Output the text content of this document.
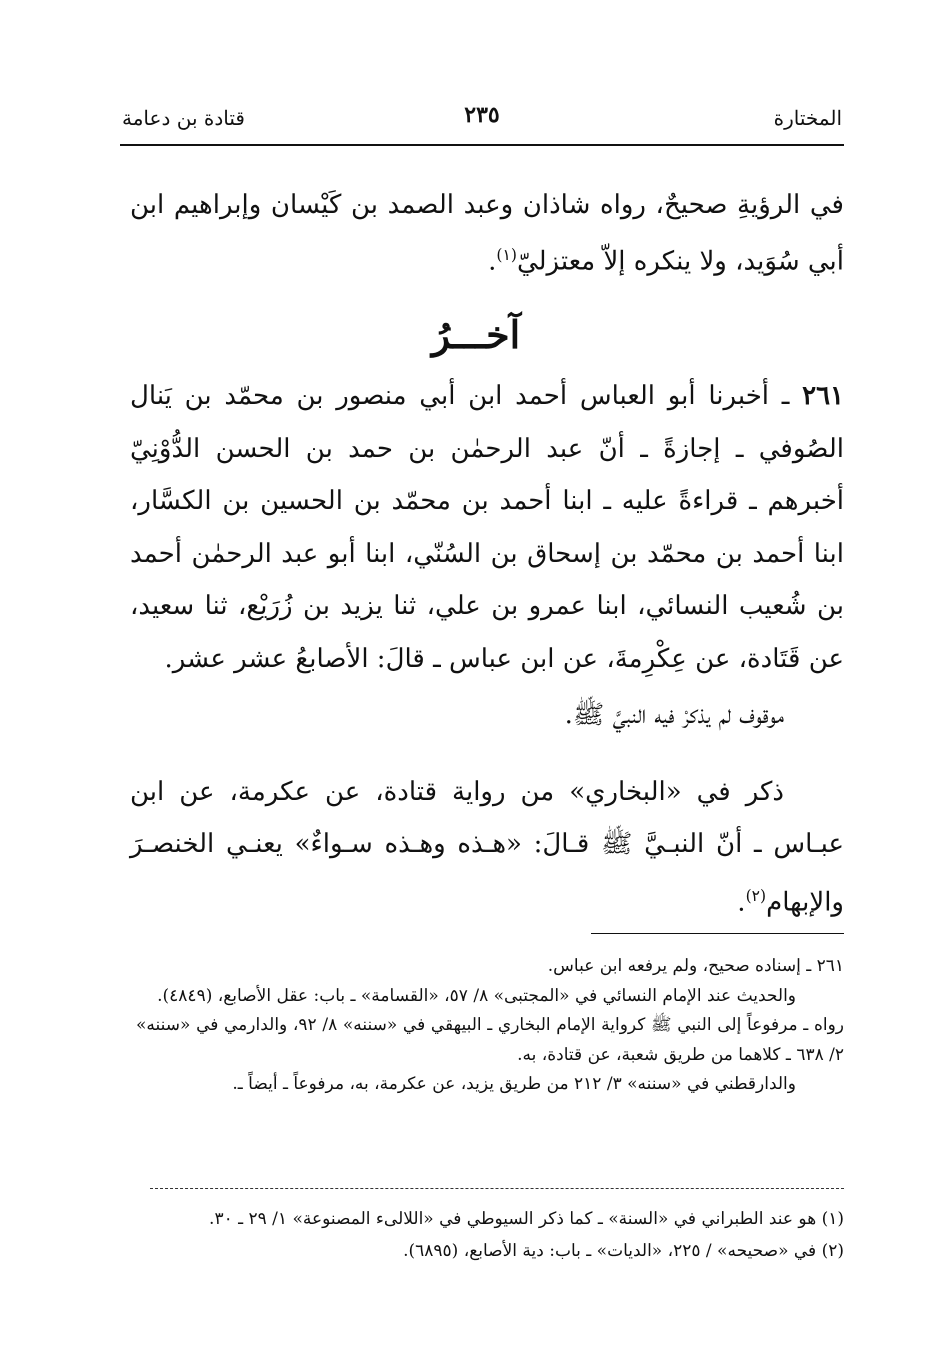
المختارة
٢٣٥
قتادة بن دعامة
في الرؤيةِ صحيحٌ، رواه شاذان وعبد الصمد بن كَيْسان وإبراهيم ابن أبي سُوَيد، ولا ينكره إلاّ معتزليّ$^{(١)}$.
آخـــرُ
٢٦١ ـ أخبرنا أبو العباس أحمد ابن أبي منصور بن محمّد بن يَنال الصُوفي ـ إجازةً ـ أنّ عبد الرحمٰن بن حمد بن الحسن الدُّوْنِيّ أخبرهم ـ قراءةً عليه ـ ابنا أحمد بن محمّد بن الحسين بن الكسَّار، ابنا أحمد بن محمّد بن إسحاق بن السُنّي، ابنا أبو عبد الرحمٰن أحمد بن شُعيب النسائي، ابنا عمرو بن علي، ثنا يزيد بن زُرَيْع، ثنا سعيد، عن قَتَادة، عن عِكْرِمةَ، عن ابن عباس ـ قالَ: الأصابعُ عشر عشر.
موقوف لم يذكرْ فيه النبيَّ ﷺ.
ذكر في «البخاري» من رواية قتادة، عن عكرمة، عن ابن عبـاس ـ أنّ النبـيَّ ﷺ قـالَ: «هـذه وهـذه سـواءٌ» يعنـي الخنصـرَ والإبهام$^{(٢)}$.

٢٦١ ـ إسناده صحيح، ولم يرفعه ابن عباس.

والحديث عند الإمام النسائي في «المجتبى» ٨/ ٥٧، «القسامة» ـ باب: عقل الأصابع، (٤٨٤٩).

رواه ـ مرفوعاً إلى النبي ﷺ كرواية الإمام البخاري ـ البيهقي في «سننه» ٨/ ٩٢، والدارمي في «سننه» ٢/ ٦٣٨ ـ كلاهما من طريق شعبة، عن قتادة، به.

والدارقطني في «سننه» ٣/ ٢١٢ من طريق يزيد، عن عكرمة، به، مرفوعاً ـ أيضاً ـ.

(١) هو عند الطبراني في «السنة» ـ كما ذكر السيوطي في «اللالىء المصنوعة» ١/ ٢٩ ـ ٣٠.

(٢) في «صحيحه» / ٢٢٥، «الديات» ـ باب: دية الأصابع، (٦٨٩٥).
